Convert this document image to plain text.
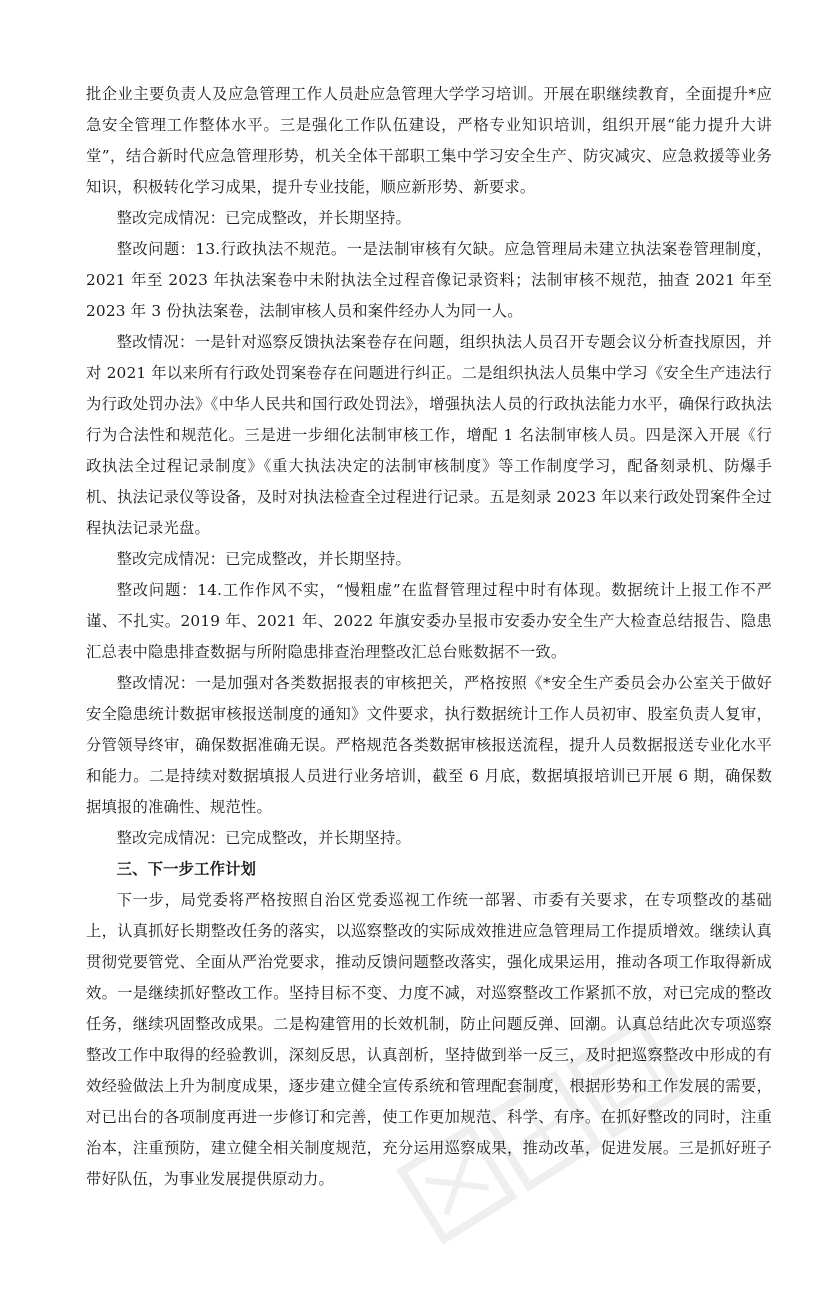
批企业主要负责人及应急管理工作人员赴应急管理大学学习培训。开展在职继续教育，全面提升*应急安全管理工作整体水平。三是强化工作队伍建设，严格专业知识培训，组织开展“能力提升大讲堂”，结合新时代应急管理形势，机关全体干部职工集中学习安全生产、防灾减灾、应急救援等业务知识，积极转化学习成果，提升专业技能，顺应新形势、新要求。

整改完成情况：已完成整改，并长期坚持。

整改问题：13.行政执法不规范。一是法制审核有欠缺。应急管理局未建立执法案卷管理制度，2021 年至 2023 年执法案卷中未附执法全过程音像记录资料；法制审核不规范，抽查 2021 年至 2023 年 3 份执法案卷，法制审核人员和案件经办人为同一人。

整改情况：一是针对巡察反馈执法案卷存在问题，组织执法人员召开专题会议分析查找原因，并对 2021 年以来所有行政处罚案卷存在问题进行纠正。二是组织执法人员集中学习《安全生产违法行为行政处罚办法》《中华人民共和国行政处罚法》，增强执法人员的行政执法能力水平，确保行政执法行为合法性和规范化。三是进一步细化法制审核工作，增配 1 名法制审核人员。四是深入开展《行政执法全过程记录制度》《重大执法决定的法制审核制度》等工作制度学习，配备刻录机、防爆手机、执法记录仪等设备，及时对执法检查全过程进行记录。五是刻录 2023 年以来行政处罚案件全过程执法记录光盘。

整改完成情况：已完成整改，并长期坚持。

整改问题：14.工作作风不实，“慢粗虚”在监督管理过程中时有体现。数据统计上报工作不严谨、不扎实。2019 年、2021 年、2022 年旗安委办呈报市安委办安全生产大检查总结报告、隐患汇总表中隐患排查数据与所附隐患排查治理整改汇总台账数据不一致。

整改情况：一是加强对各类数据报表的审核把关，严格按照《*安全生产委员会办公室关于做好安全隐患统计数据审核报送制度的通知》文件要求，执行数据统计工作人员初审、股室负责人复审，分管领导终审，确保数据准确无误。严格规范各类数据审核报送流程，提升人员数据报送专业化水平和能力。二是持续对数据填报人员进行业务培训，截至 6 月底，数据填报培训已开展 6 期，确保数据填报的准确性、规范性。

整改完成情况：已完成整改，并长期坚持。

三、下一步工作计划

下一步，局党委将严格按照自治区党委巡视工作统一部署、市委有关要求，在专项整改的基础上，认真抓好长期整改任务的落实，以巡察整改的实际成效推进应急管理局工作提质增效。继续认真贯彻党要管党、全面从严治党要求，推动反馈问题整改落实，强化成果运用，推动各项工作取得新成效。一是继续抓好整改工作。坚持目标不变、力度不减，对巡察整改工作紧抓不放，对已完成的整改任务，继续巩固整改成果。二是构建管用的长效机制，防止问题反弹、回潮。认真总结此次专项巡察整改工作中取得的经验教训，深刻反思，认真剖析，坚持做到举一反三，及时把巡察整改中形成的有效经验做法上升为制度成果，逐步建立健全宣传系统和管理配套制度，根据形势和工作发展的需要，对已出台的各项制度再进一步修订和完善，使工作更加规范、科学、有序。在抓好整改的同时，注重治本，注重预防，建立健全相关制度规范，充分运用巡察成果，推动改革，促进发展。三是抓好班子带好队伍，为事业发展提供原动力。
